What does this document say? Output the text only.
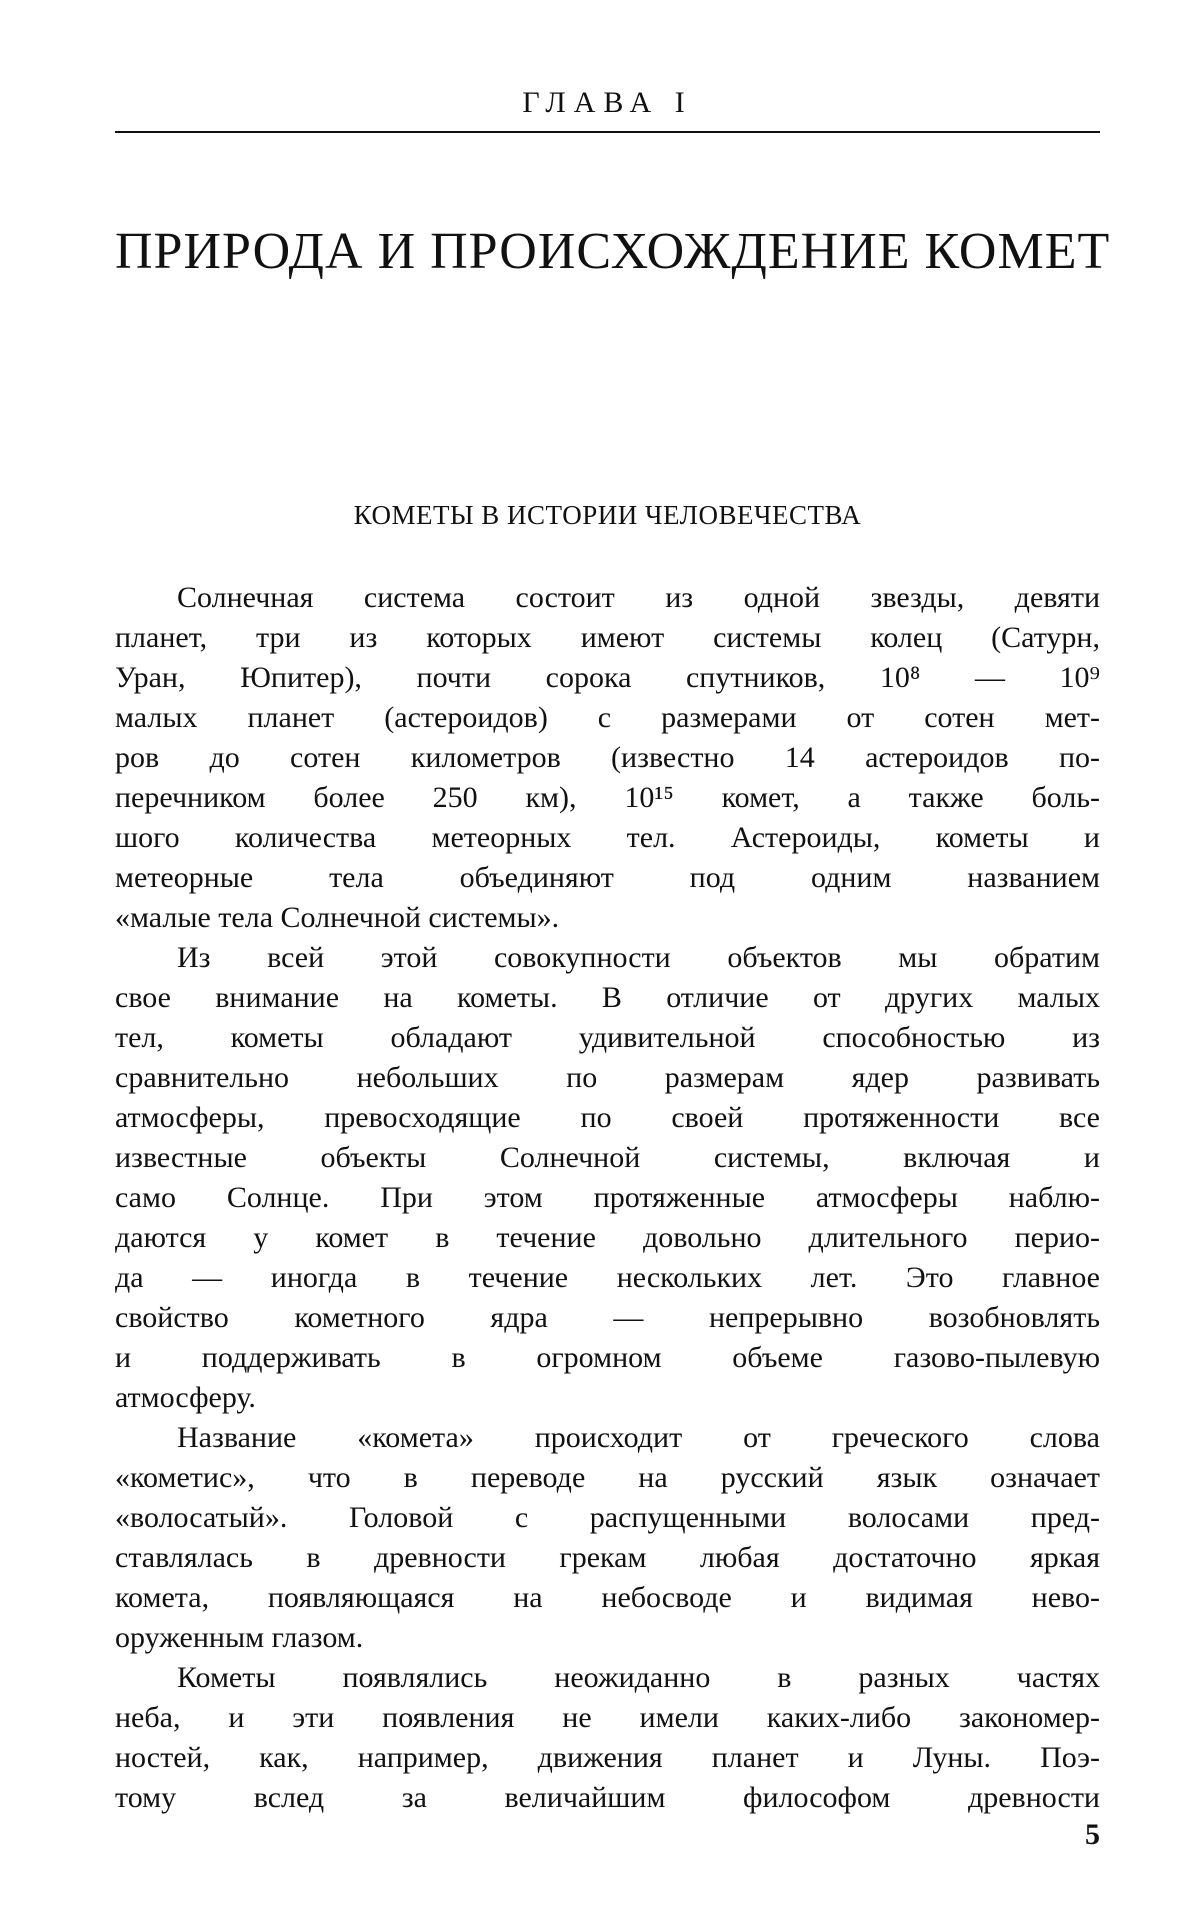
ГЛАВА I
ПРИРОДА И ПРОИСХОЖДЕНИЕ КОМЕТ
КОМЕТЫ В ИСТОРИИ ЧЕЛОВЕЧЕСТВА
Солнечная система состоит из одной звезды, девяти
планет, три из которых имеют системы колец (Сатурн,
Уран, Юпитер), почти сорока спутников, 10⁸ — 10⁹
малых планет (астероидов) с размерами от сотен мет-
ров до сотен километров (известно 14 астероидов по-
перечником более 250 км), 10¹⁵ комет, а также боль-
шого количества метеорных тел. Астероиды, кометы и
метеорные тела объединяют под одним названием
«малые тела Солнечной системы».
Из всей этой совокупности объектов мы обратим
свое внимание на кометы. В отличие от других малых
тел, кометы обладают удивительной способностью из
сравнительно небольших по размерам ядер развивать
атмосферы, превосходящие по своей протяженности все
известные объекты Солнечной системы, включая и
само Солнце. При этом протяженные атмосферы наблю-
даются у комет в течение довольно длительного перио-
да — иногда в течение нескольких лет. Это главное
свойство кометного ядра — непрерывно возобновлять
и поддерживать в огромном объеме газово-пылевую
атмосферу.
Название «комета» происходит от греческого слова
«кометис», что в переводе на русский язык означает
«волосатый». Головой с распущенными волосами пред-
ставлялась в древности грекам любая достаточно яркая
комета, появляющаяся на небосводе и видимая нево-
оруженным глазом.
Кометы появлялись неожиданно в разных частях
неба, и эти появления не имели каких-либо закономер-
ностей, как, например, движения планет и Луны. Поэ-
тому вслед за величайшим философом древности
5
